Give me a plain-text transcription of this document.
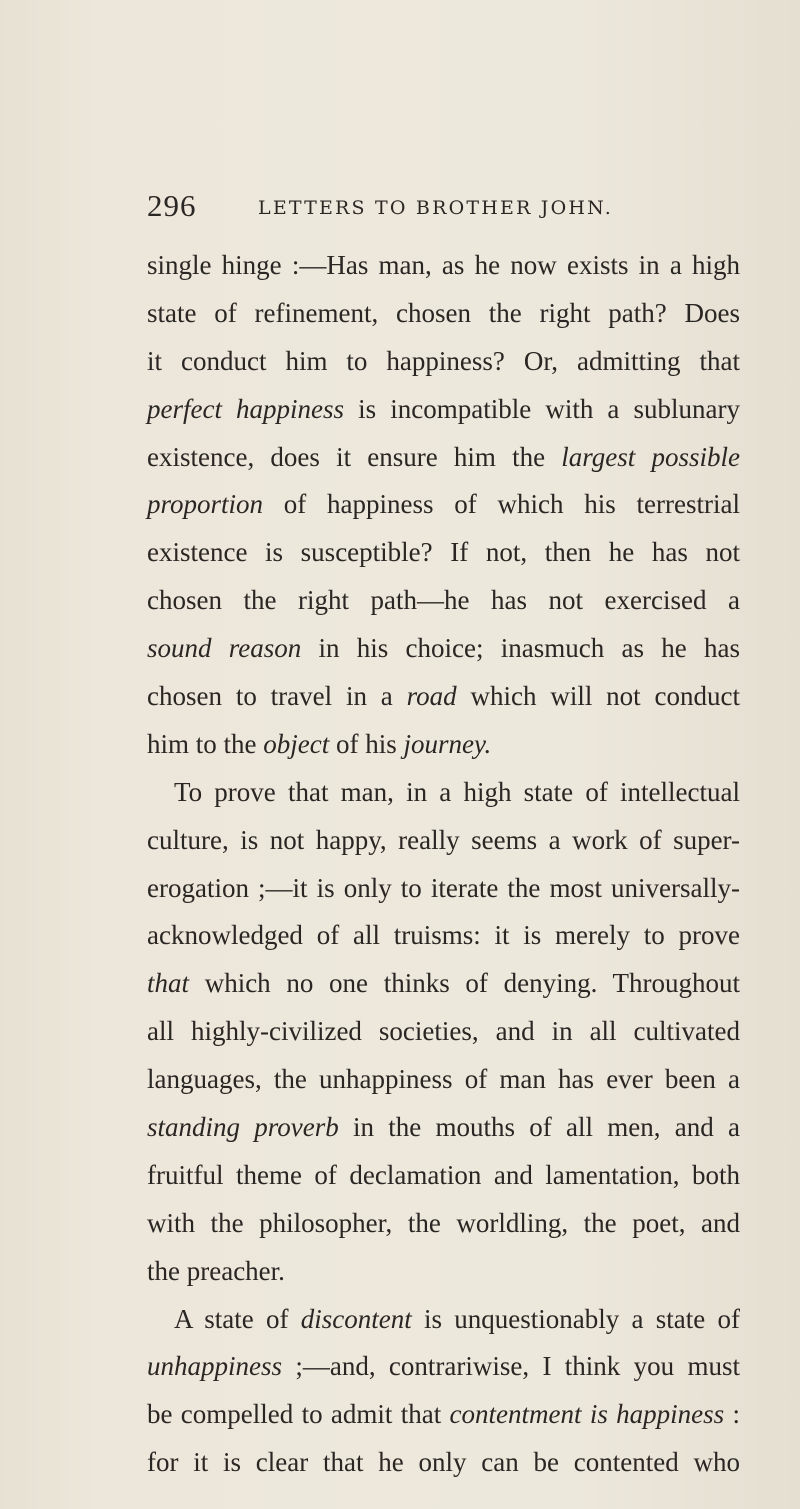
296	LETTERS TO BROTHER JOHN.
single hinge :—Has man, as he now exists in a high
state of refinement, chosen the right path? Does
it conduct him to happiness? Or, admitting that
perfect happiness is incompatible with a sublunary
existence, does it ensure him the largest possible
proportion of happiness of which his terrestrial
existence is susceptible? If not, then he has not
chosen the right path—he has not exercised a
sound reason in his choice; inasmuch as he has
chosen to travel in a road which will not conduct
him to the object of his journey.
To prove that man, in a high state of intellectual
culture, is not happy, really seems a work of super-
erogation ;—it is only to iterate the most universally-
acknowledged of all truisms: it is merely to prove
that which no one thinks of denying. Throughout
all highly-civilized societies, and in all cultivated
languages, the unhappiness of man has ever been a
standing proverb in the mouths of all men, and a
fruitful theme of declamation and lamentation, both
with the philosopher, the worldling, the poet, and
the preacher.
A state of discontent is unquestionably a state of
unhappiness ;—and, contrariwise, I think you must
be compelled to admit that contentment is happiness :
for it is clear that he only can be contented who
